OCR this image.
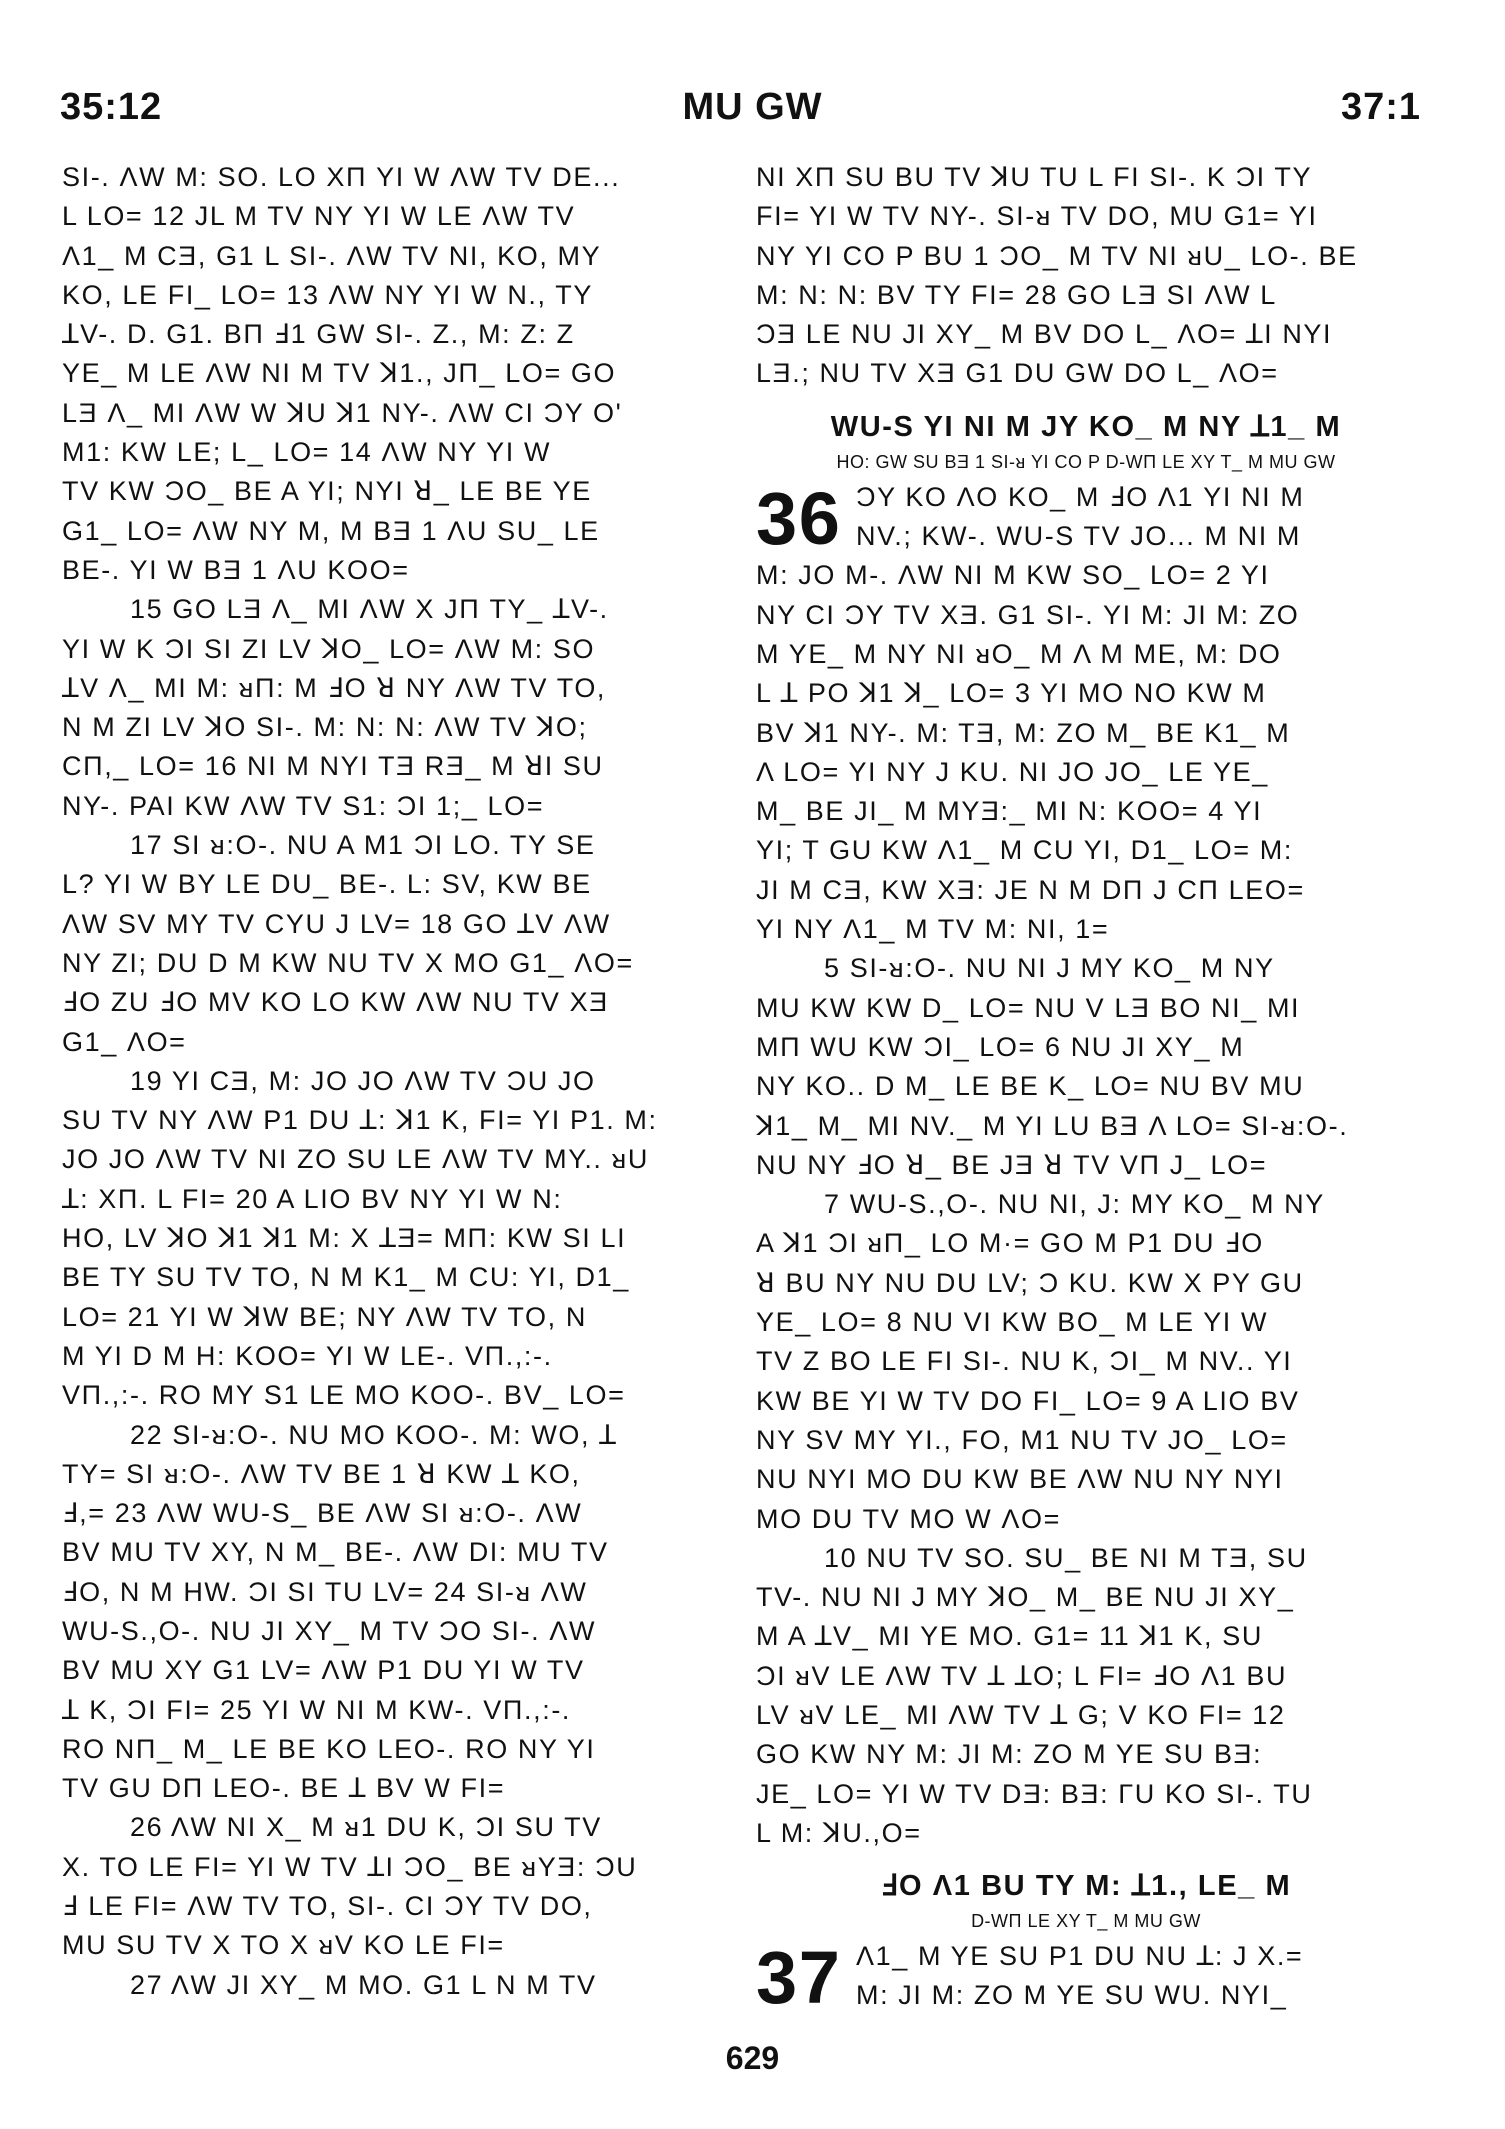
35:12	MU GW	37:1
SI-. ΛW M: SO. LO XΠ YI W ΛW TV DE...
L LO= 12 JL M TV NY YI W LE ΛW TV
Λ1_ M CƎ, G1 L SI-. ΛW TV NI, KO, MY
KO, LE FI_ LO= 13 ΛW NY YI W N., TY
ꓕV-. D. G1. BΠ ꓞ1 GW SI-. Z., M: Z: Z
YE_ M LE ΛW NI M TV ꓘ1., JΠ_ LO= GO
LƎ Λ_ MI ΛW W ꓘU ꓘ1 NY-. ΛW CI ƆY O'
M1: KW LE; L_ LO= 14 ΛW NY YI W
TV KW ƆO_ BE A YI; NYI ꓤ_ LE BE YE
G1_ LO= ΛW NY M, M BƎ 1 ΛU SU_ LE
BE-. YI W BƎ 1 ΛU KOO=
15 GO LƎ Λ_ MI ΛW X JΠ TY_ ꓕV-.
YI W K ƆI SI ZI LV ꓘO_ LO= ΛW M: SO
ꓕV Λ_ MI M: ᴚΠ: M ꓞO ꓤ NY ΛW TV TO,
N M ZI LV ꓘO SI-. M: N: N: ΛW TV ꓘO;
CΠ,_ LO= 16 NI M NYI TƎ RƎ_ M ꓤI SU
NY-. PAI KW ΛW TV S1: ƆI 1;_ LO=
17 SI ᴚ:O-. NU A M1 ƆI LO. TY SE
L? YI W BY LE DU_ BE-. L: SV, KW BE
ΛW SV MY TV CYU J LV= 18 GO ꓕV ΛW
NY ZI; DU D M KW NU TV X MO G1_ ΛO=
ꓞO ZU ꓞO MV KO LO KW ΛW NU TV XƎ
G1_ ΛO=
19 YI CƎ, M: JO JO ΛW TV ƆU JO
SU TV NY ΛW P1 DU ꓕ: ꓘ1 K, FI= YI P1. M:
JO JO ΛW TV NI ZO SU LE ΛW TV MY.. ᴚU
ꓕ: XΠ. L FI= 20 A LIO BV NY YI W N:
HO, LV ꓘO ꓘ1 ꓘ1 M: X ꓕƎ= MΠ: KW SI LI
BE TY SU TV TO, N M K1_ M CU: YI, D1_
LO= 21 YI W ꓘW BE; NY ΛW TV TO, N
M YI D M H: KOO= YI W LE-. VΠ.,:-.
VΠ.,:-. RO MY S1 LE MO KOO-. BV_ LO=
22 SI-ᴚ:O-. NU MO KOO-. M: WO, ꓕ
TY= SI ᴚ:O-. ΛW TV BE 1 ꓤ KW ꓕ KO,
ꓞ,= 23 ΛW WU-S_ BE ΛW SI ᴚ:O-. ΛW
BV MU TV XY, N M_ BE-. ΛW DI: MU TV
ꓞO, N M HW. ƆI SI TU LV= 24 SI-ᴚ ΛW
WU-S.,O-. NU JI XY_ M TV ƆO SI-. ΛW
BV MU XY G1 LV= ΛW P1 DU YI W TV
ꓕ K, ƆI FI= 25 YI W NI M KW-. VΠ.,:-.
RO NΠ_ M_ LE BE KO LEO-. RO NY YI
TV GU DΠ LEO-. BE ꓕ BV W FI=
26 ΛW NI X_ M ᴚ1 DU K, ƆI SU TV
X. TO LE FI= YI W TV ꓕI ƆO_ BE ᴚYƎ: ƆU
ꓞ LE FI= ΛW TV TO, SI-. CI ƆY TV DO,
MU SU TV X TO X ᴚV KO LE FI=
27 ΛW JI XY_ M MO. G1 L N M TV
NI XΠ SU BU TV ꓘU TU L FI SI-. K ƆI TY
FI= YI W TV NY-. SI-ᴚ TV DO, MU G1= YI
NY YI CO P BU 1 ƆO_ M TV NI ᴚU_ LO-. BE
M: N: N: BV TY FI= 28 GO LƎ SI ΛW L
ƆƎ LE NU JI XY_ M BV DO L_ ΛO= ꓕI NYI
LƎ.; NU TV XƎ G1 DU GW DO L_ ΛO=
WU-S YI NI M JY KO_ M NY ꓕ1_ M
HO: GW SU BƎ 1 SI-ᴚ YI CO P D-WΠ LE XY T_ M MU GW
36 ƆY KO ΛO KO_ M ꓞO Λ1 YI NI M
NV.; KW-. WU-S TV JO... M NI M
M: JO M-. ΛW NI M KW SO_ LO= 2 YI
NY CI ƆY TV XƎ. G1 SI-. YI M: JI M: ZO
M YE_ M NY NI ᴚO_ M Λ M ME, M: DO
L ꓕ PO ꓘ1 ꓘ_ LO= 3 YI MO NO KW M
BV ꓘ1 NY-. M: TƎ, M: ZO M_ BE K1_ M
Λ LO= YI NY J KU. NI JO JO_ LE YE_
M_ BE JI_ M MYƎ:_ MI N: KOO= 4 YI
YI; T GU KW Λ1_ M CU YI, D1_ LO= M:
JI M CƎ, KW XƎ: JE N M DΠ J CΠ LEO=
YI NY Λ1_ M TV M: NI, 1=
5 SI-ᴚ:O-. NU NI J MY KO_ M NY
MU KW KW D_ LO= NU V LƎ BO NI_ MI
MΠ WU KW ƆI_ LO= 6 NU JI XY_ M
NY KO.. D M_ LE BE K_ LO= NU BV MU
ꓘ1_ M_ MI NV._ M YI LU BƎ Λ LO= SI-ᴚ:O-.
NU NY ꓞO ꓤ_ BE JƎ ꓤ TV VΠ J_ LO=
7 WU-S.,O-. NU NI, J: MY KO_ M NY
A ꓘ1 ƆI ᴚΠ_ LO M·= GO M P1 DU ꓞO
ꓤ BU NY NU DU LV; Ɔ KU. KW X PY GU
YE_ LO= 8 NU VI KW BO_ M LE YI W
TV Z BO LE FI SI-. NU K, ƆI_ M NV.. YI
KW BE YI W TV DO FI_ LO= 9 A LIO BV
NY SV MY YI., FO, M1 NU TV JO_ LO=
NU NYI MO DU KW BE ΛW NU NY NYI
MO DU TV MO W ΛO=
10 NU TV SO. SU_ BE NI M TƎ, SU
TV-. NU NI J MY ꓘO_ M_ BE NU JI XY_
M A ꓕV_ MI YE MO. G1= 11 ꓘ1 K, SU
ƆI ᴚV LE ΛW TV ꓕ ꓕO; L FI= ꓞO Λ1 BU
LV ᴚV LE_ MI ΛW TV ꓕ G; V KO FI= 12
GO KW NY M: JI M: ZO M YE SU BƎ:
JE_ LO= YI W TV DƎ: BƎ: ΓU KO SI-. TU
L M: ꓘU.,O=
ꓞO Λ1 BU TY M: ꓕ1., LE_ M
D-WΠ LE XY T_ M MU GW
37 Λ1_ M YE SU P1 DU NU ꓕ: J X.=
M: JI M: ZO M YE SU WU. NYI_
629
